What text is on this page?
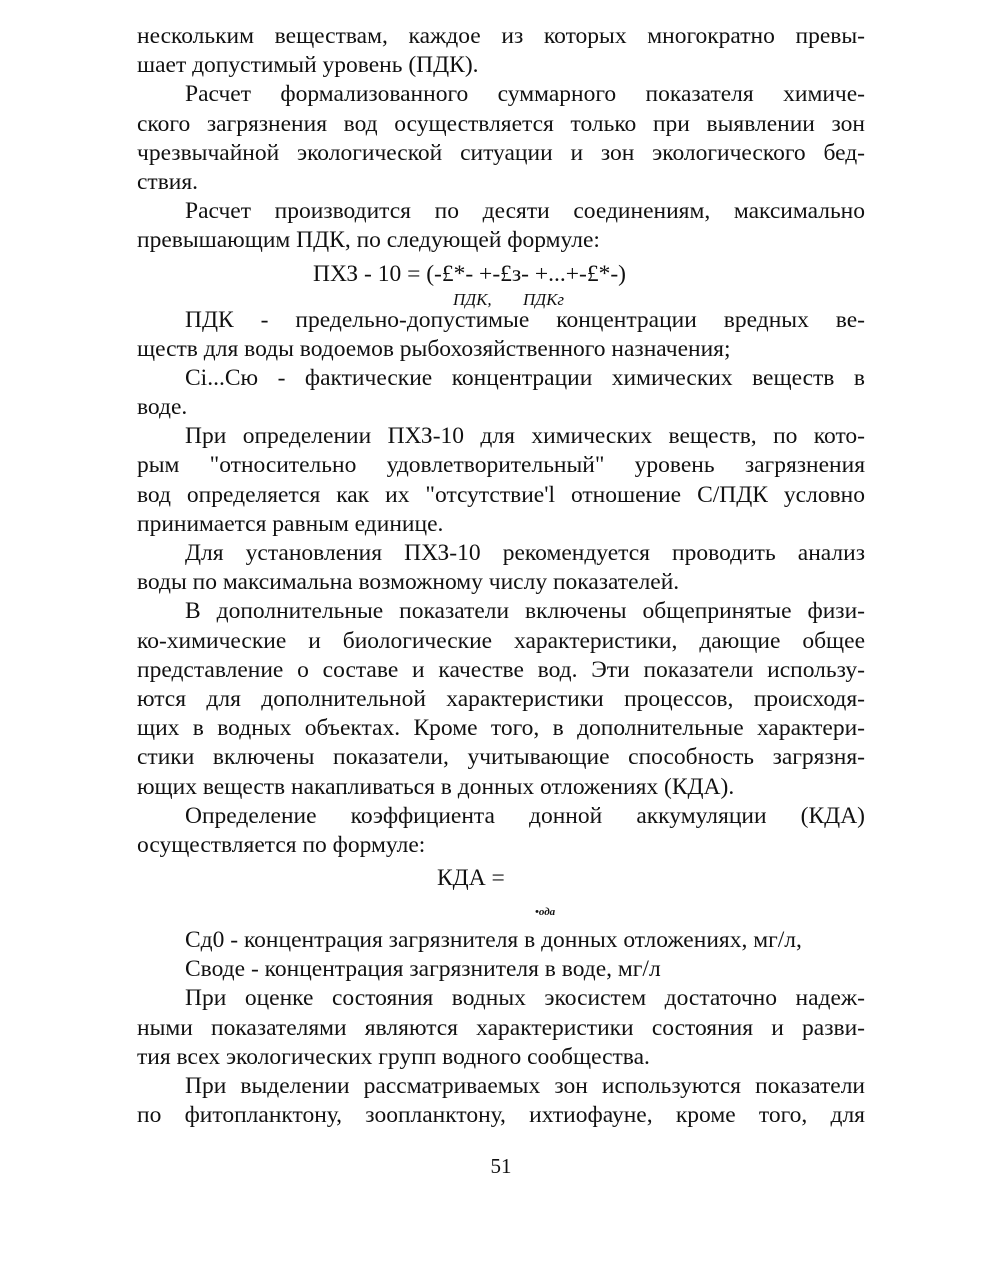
нескольким веществам, каждое из которых многократно превы-
шает допустимый уровень (ПДК).
Расчет формализованного суммарного показателя химиче-
ского загрязнения вод осуществляется только при выявлении зон
чрезвычайной экологической ситуации и зон экологического бед-
ствия.
Расчет производится по десяти соединениям, максимально
превышающим ПДК, по следующей формуле:
ПХЗ - 10 = (-£*- +-£з- +...+-£*-)
ПДК, ПДКг
ПДК - предельно-допустимые концентрации вредных ве-
ществ для воды водоемов рыбохозяйственного назначения;
Сi...Сю - фактические концентрации химических веществ в
воде.
При определении ПХЗ-10 для химических веществ, по кото-
рым "относительно удовлетворительный" уровень загрязнения
вод определяется как их "отсутствие'l отношение С/ПДК условно
принимается равным единице.
Для установления ПХЗ-10 рекомендуется проводить анализ
воды по максимальна возможному числу показателей.
В дополнительные показатели включены общепринятые физи-
ко-химические и биологические характеристики, дающие общее
представление о составе и качестве вод. Эти показатели использу-
ются для дополнительной характеристики процессов, происходя-
щих в водных объектах. Кроме того, в дополнительные характери-
стики включены показатели, учитывающие способность загрязня-
ющих веществ накапливаться в донных отложениях (КДА).
Определение коэффициента донной аккумуляции (КДА)
осуществляется по формуле:
КДА =
•ода
Сд0 - концентрация загрязнителя в донных отложениях, мг/л,
Своде - концентрация загрязнителя в воде, мг/л
При оценке состояния водных экосистем достаточно надеж-
ными показателями являются характеристики состояния и разви-
тия всех экологических групп водного сообщества.
При выделении рассматриваемых зон используются показатели
по фитопланктону, зоопланктону, ихтиофауне, кроме того, для
51
